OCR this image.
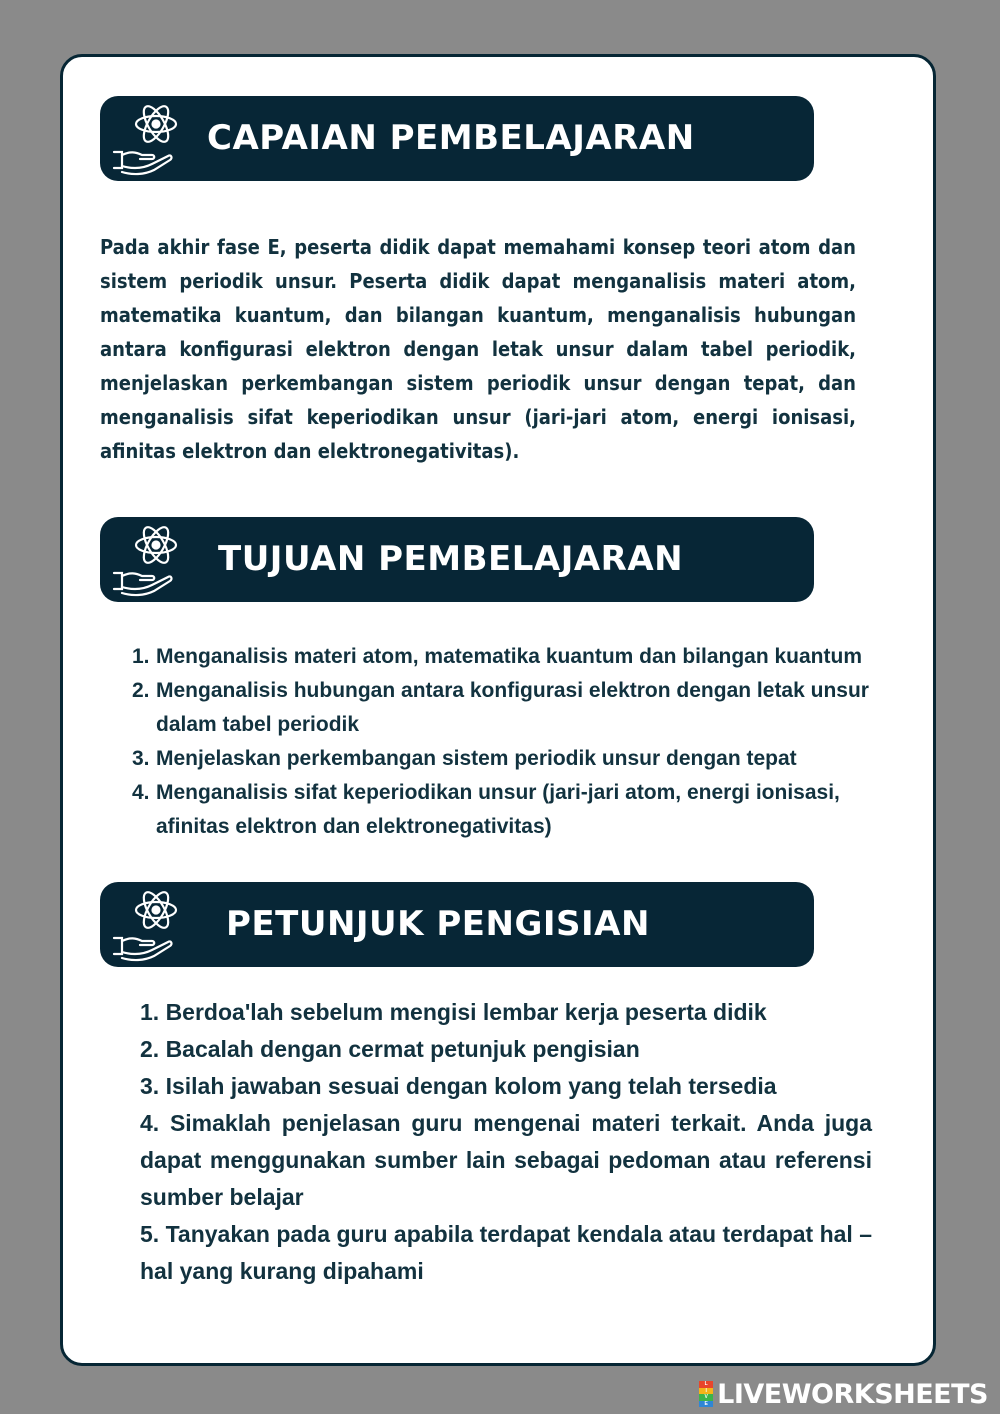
CAPAIAN PEMBELAJARAN

Pada akhir fase E, peserta didik dapat memahami konsep teori atom dan sistem periodik unsur. Peserta didik dapat menganalisis materi atom, matematika kuantum, dan bilangan kuantum, menganalisis hubungan antara konfigurasi elektron dengan letak unsur dalam tabel periodik, menjelaskan perkembangan sistem periodik unsur dengan tepat, dan menganalisis sifat keperiodikan unsur (jari-jari atom, energi ionisasi, afinitas elektron dan elektronegativitas).

TUJUAN PEMBELAJARAN
1. Menganalisis materi atom, matematika kuantum dan bilangan kuantum
2. Menganalisis hubungan antara konfigurasi elektron dengan letak unsur dalam tabel periodik
3. Menjelaskan perkembangan sistem periodik unsur dengan tepat
4. Menganalisis sifat keperiodikan unsur (jari-jari atom, energi ionisasi, afinitas elektron dan elektronegativitas)
PETUNJUK PENGISIAN
1. Berdoa'lah sebelum mengisi lembar kerja peserta didik
2. Bacalah dengan cermat petunjuk pengisian
3. Isilah jawaban sesuai dengan kolom yang telah tersedia
4. Simaklah penjelasan guru mengenai materi terkait. Anda juga dapat menggunakan sumber lain sebagai pedoman atau referensi sumber belajar
5. Tanyakan pada guru apabila terdapat kendala atau terdapat hal – hal yang kurang dipahami
L
I
V
E LIVEWORKSHEETS
